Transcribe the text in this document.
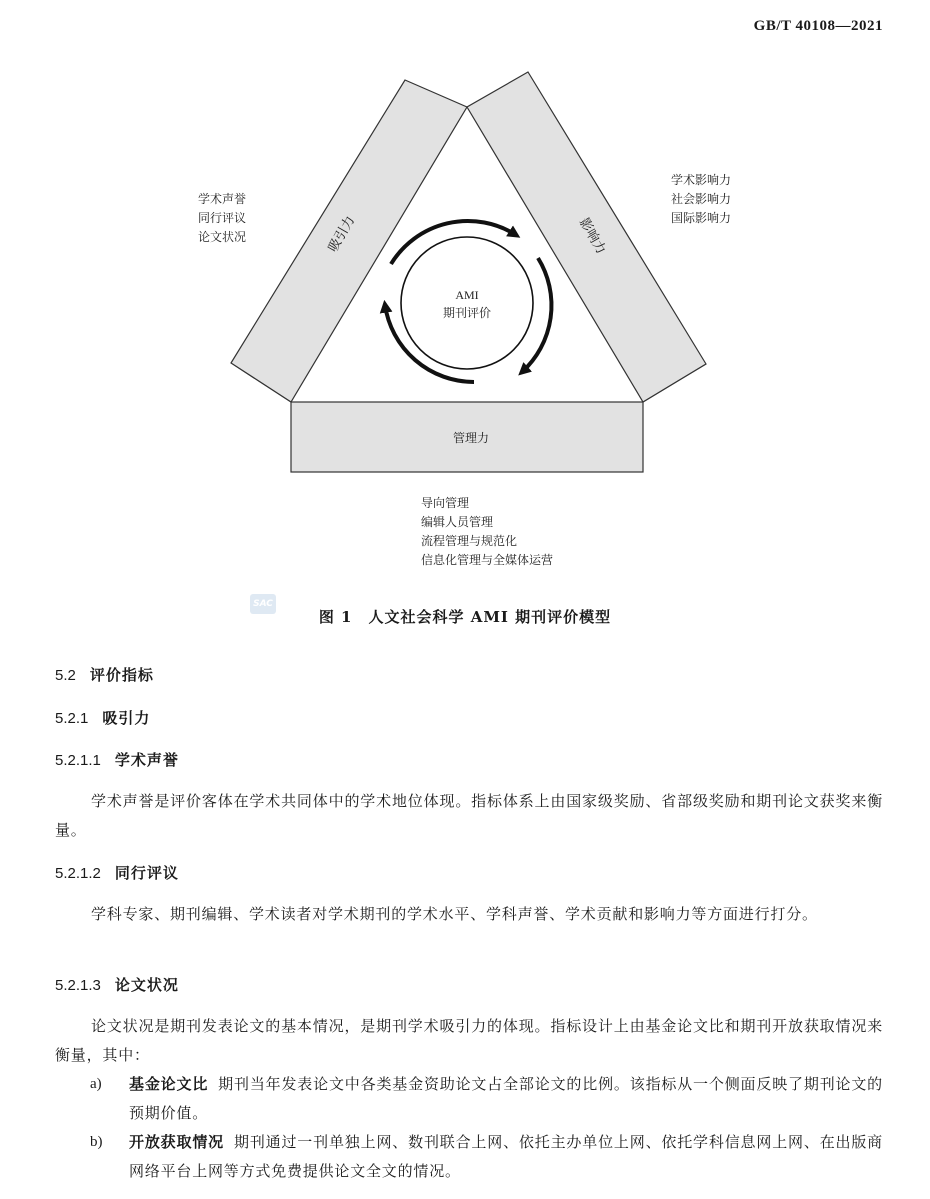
GB/T 40108—2021
吸引力	影响力
管理力
AMI
期刊评价
学术声誉
同行评议
论文状况
学术影响力
社会影响力
国际影响力
导向管理
编辑人员管理
流程管理与规范化
信息化管理与全媒体运营
SAC
图 1　人文社会科学 AMI 期刊评价模型
5.2 评价指标
5.2.1 吸引力
5.2.1.1 学术声誉
学术声誉是评价客体在学术共同体中的学术地位体现。指标体系上由国家级奖励、省部级奖励和期刊论文获奖来衡量。
5.2.1.2 同行评议
学科专家、期刊编辑、学术读者对学术期刊的学术水平、学科声誉、学术贡献和影响力等方面进行打分。
5.2.1.3 论文状况
论文状况是期刊发表论文的基本情况，是期刊学术吸引力的体现。指标设计上由基金论文比和期刊开放获取情况来衡量，其中：
a) 基金论文比 期刊当年发表论文中各类基金资助论文占全部论文的比例。该指标从一个侧面反映了期刊论文的预期价值。
b) 开放获取情况 期刊通过一刊单独上网、数刊联合上网、依托主办单位上网、依托学科信息网上网、在出版商网络平台上网等方式免费提供论文全文的情况。
